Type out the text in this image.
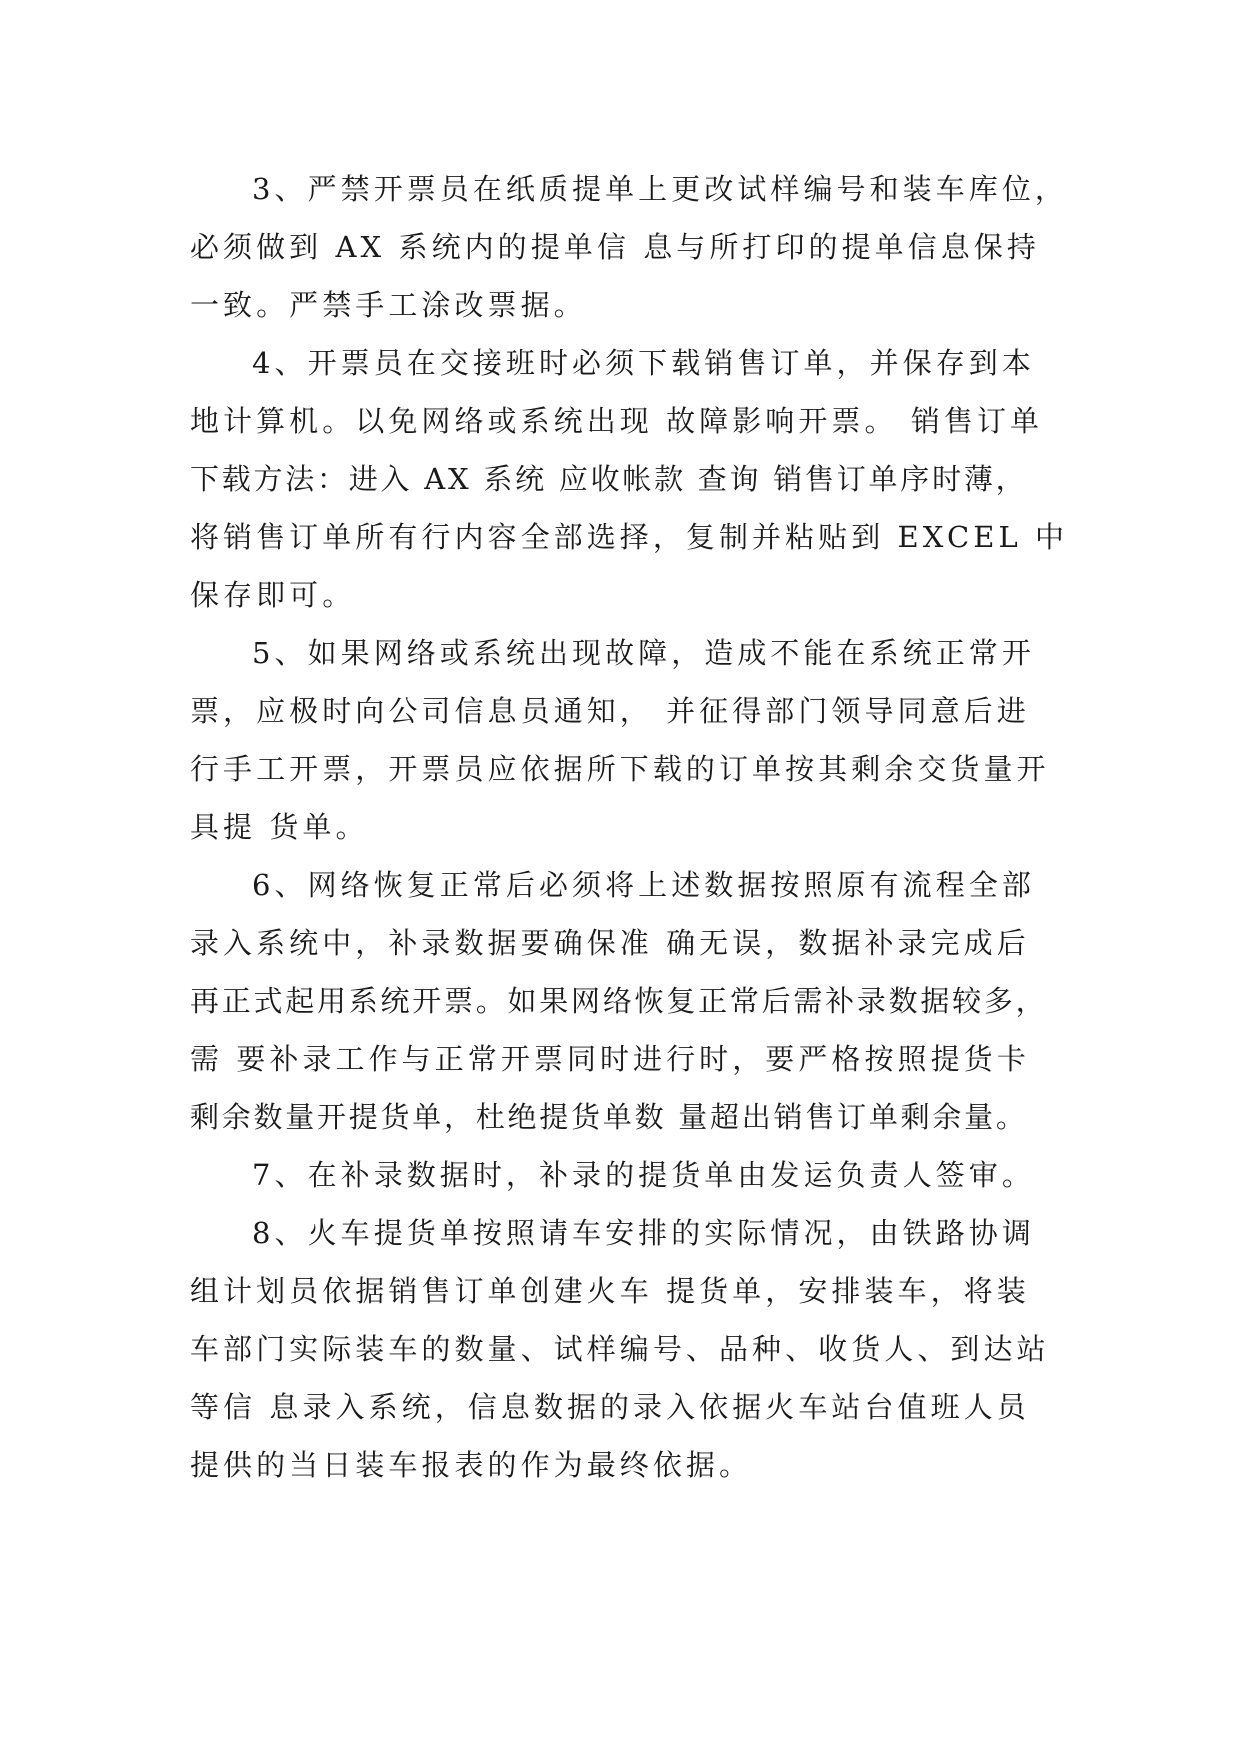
3、严禁开票员在纸质提单上更改试样编号和装车库位，
必须做到 AX 系统内的提单信 息与所打印的提单信息保持
一致。严禁手工涂改票据。
4、开票员在交接班时必须下载销售订单，并保存到本
地计算机。以免网络或系统出现 故障影响开票。 销售订单
下载方法：进入 AX 系统 应收帐款 查询 销售订单序时薄，
将销售订单所有行内容全部选择，复制并粘贴到 EXCEL 中
保存即可。
5、如果网络或系统出现故障，造成不能在系统正常开
票，应极时向公司信息员通知， 并征得部门领导同意后进
行手工开票，开票员应依据所下载的订单按其剩余交货量开
具提 货单。
6、网络恢复正常后必须将上述数据按照原有流程全部
录入系统中，补录数据要确保准 确无误，数据补录完成后
再正式起用系统开票。如果网络恢复正常后需补录数据较多，
需 要补录工作与正常开票同时进行时，要严格按照提货卡
剩余数量开提货单，杜绝提货单数 量超出销售订单剩余量。
7、在补录数据时，补录的提货单由发运负责人签审。
8、火车提货单按照请车安排的实际情况，由铁路协调
组计划员依据销售订单创建火车 提货单，安排装车，将装
车部门实际装车的数量、试样编号、品种、收货人、到达站
等信 息录入系统，信息数据的录入依据火车站台值班人员
提供的当日装车报表的作为最终依据。
